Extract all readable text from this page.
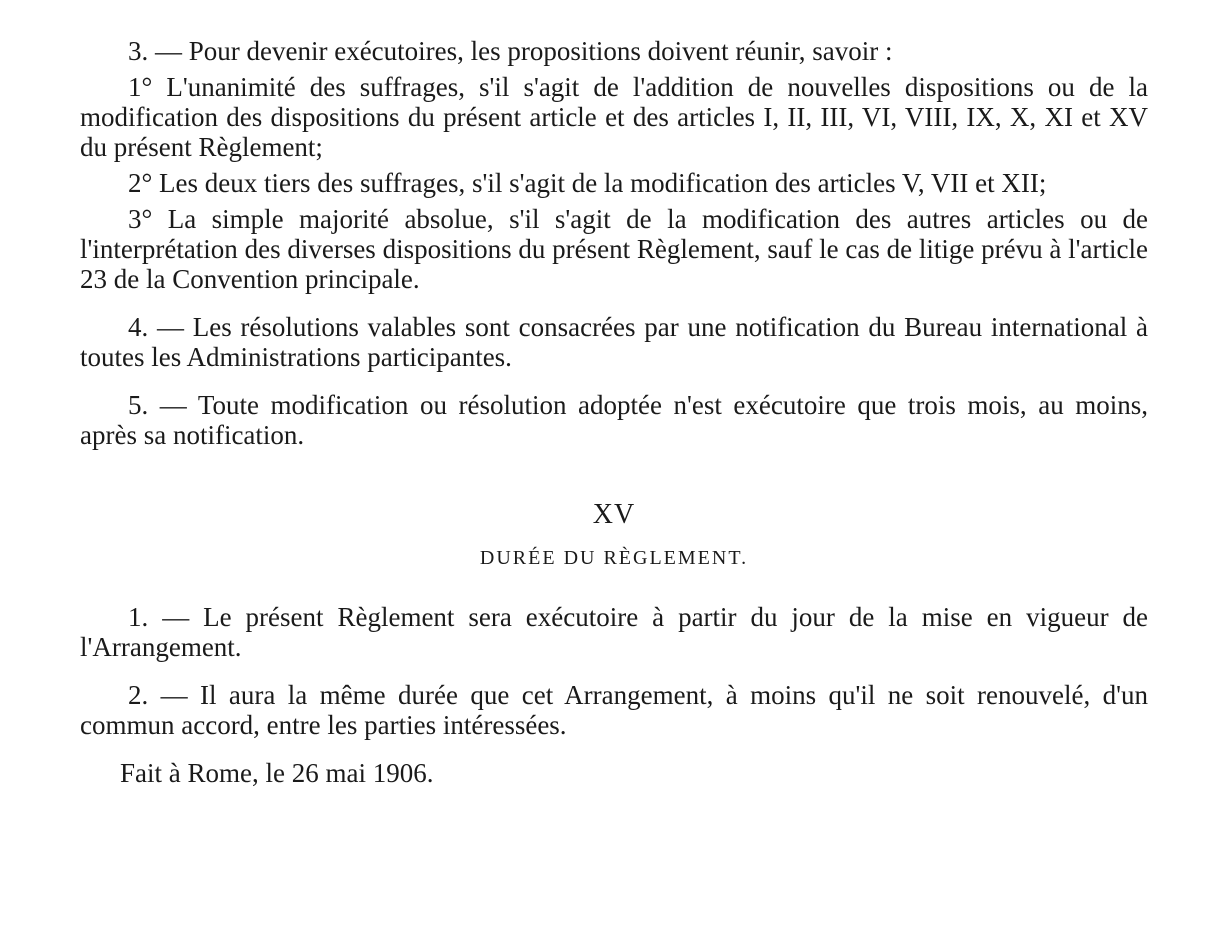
3. — Pour devenir exécutoires, les propositions doivent réunir, savoir :

1° L'unanimité des suffrages, s'il s'agit de l'addition de nouvelles dispositions ou de la modification des dispositions du présent article et des articles I, II, III, VI, VIII, IX, X, XI et XV du présent Règlement;

2° Les deux tiers des suffrages, s'il s'agit de la modification des articles V, VII et XII;

3° La simple majorité absolue, s'il s'agit de la modification des autres articles ou de l'interprétation des diverses dispositions du présent Règlement, sauf le cas de litige prévu à l'article 23 de la Convention principale.

4. — Les résolutions valables sont consacrées par une notification du Bureau international à toutes les Administrations participantes.

5. — Toute modification ou résolution adoptée n'est exécutoire que trois mois, au moins, après sa notification.

XV
DURÉE DU RÈGLEMENT.

1. — Le présent Règlement sera exécutoire à partir du jour de la mise en vigueur de l'Arrangement.

2. — Il aura la même durée que cet Arrangement, à moins qu'il ne soit renouvelé, d'un commun accord, entre les parties intéressées.

Fait à Rome, le 26 mai 1906.
